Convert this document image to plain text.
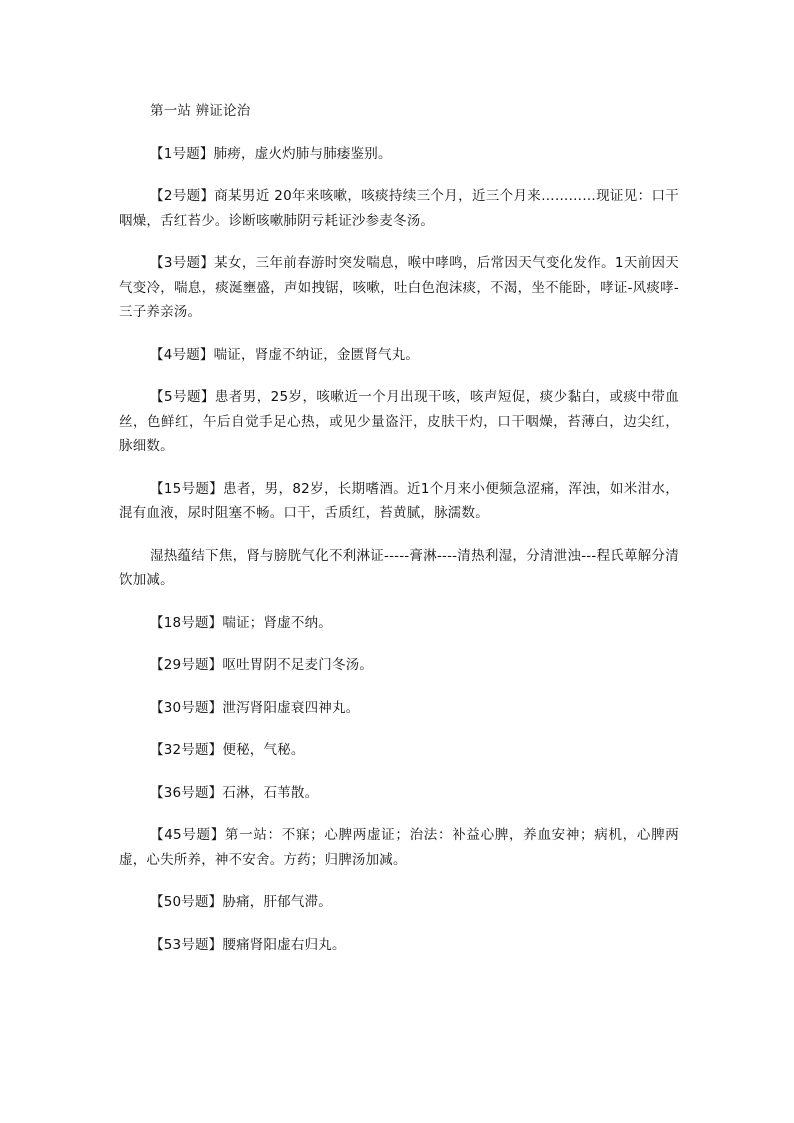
第一站 辨证论治

【1号题】肺痨，虚火灼肺与肺痿鉴别。

【2号题】商某男近 20年来咳嗽，咳痰持续三个月，近三个月来…………现证见：口干咽燥，舌红苔少。诊断咳嗽肺阴亏耗证沙参麦冬汤。

【3号题】某女，三年前春游时突发喘息，喉中哮鸣，后常因天气变化发作。1天前因天气变冷，喘息，痰涎壅盛，声如拽锯，咳嗽，吐白色泡沫痰，不渴，坐不能卧，哮证-风痰哮-三子养亲汤。

【4号题】喘证，肾虚不纳证，金匮肾气丸。

【5号题】患者男，25岁，咳嗽近一个月出现干咳，咳声短促，痰少黏白，或痰中带血丝，色鲜红，午后自觉手足心热，或见少量盗汗，皮肤干灼，口干咽燥，苔薄白，边尖红，脉细数。

【15号题】患者，男，82岁，长期嗜酒。近1个月来小便频急涩痛，浑浊，如米泔水，混有血液，尿时阻塞不畅。口干，舌质红，苔黄腻，脉濡数。

湿热蕴结下焦，肾与膀胱气化不利淋证-----膏淋----清热利湿，分清泄浊---程氏萆解分清饮加减。

【18号题】喘证；肾虚不纳。

【29号题】呕吐胃阴不足麦门冬汤。

【30号题】泄泻肾阳虚衰四神丸。

【32号题】便秘，气秘。

【36号题】石淋，石苇散。

【45号题】第一站：不寐；心脾两虚证；治法：补益心脾，养血安神；病机，心脾两虚，心失所养，神不安舍。方药；归脾汤加减。

【50号题】胁痛，肝郁气滞。

【53号题】腰痛肾阳虚右归丸。
